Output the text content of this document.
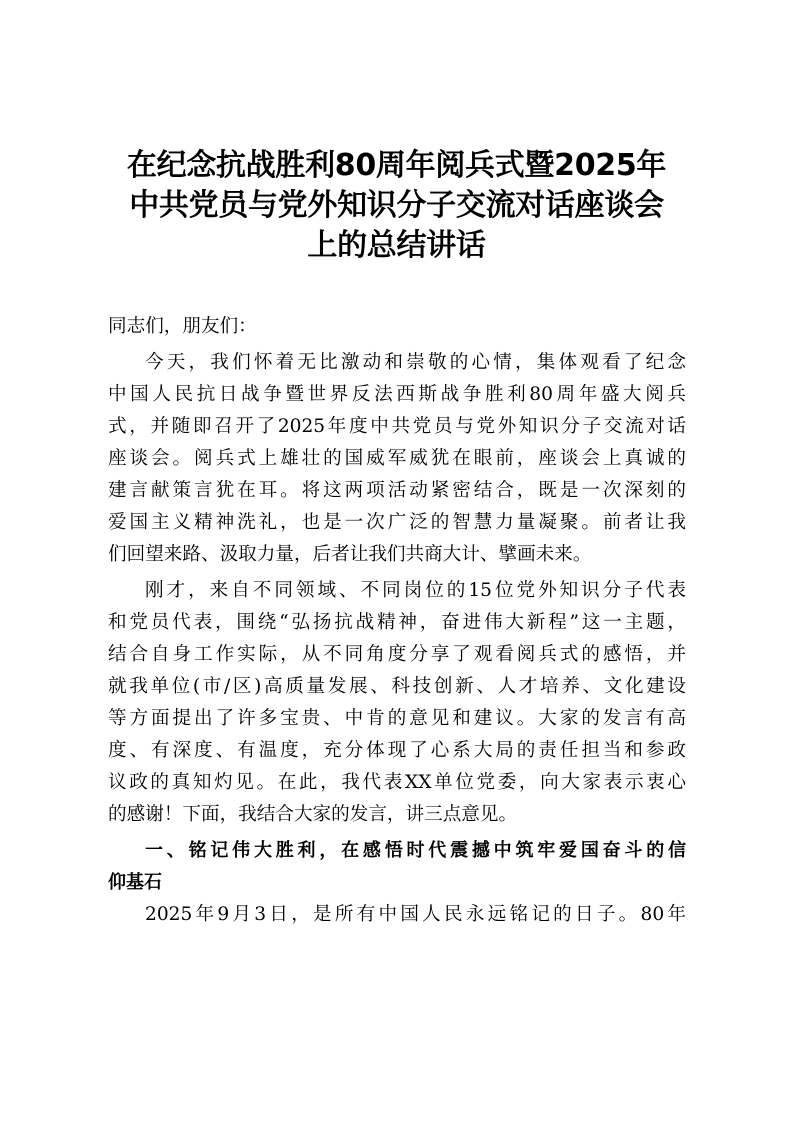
在纪念抗战胜利80周年阅兵式暨2025年
中共党员与党外知识分子交流对话座谈会
上的总结讲话

同志们，朋友们：

今天，我们怀着无比激动和崇敬的心情，集体观看了纪念
中国人民抗日战争暨世界反法西斯战争胜利80周年盛大阅兵
式，并随即召开了2025年度中共党员与党外知识分子交流对话
座谈会。阅兵式上雄壮的国威军威犹在眼前，座谈会上真诚的
建言献策言犹在耳。将这两项活动紧密结合，既是一次深刻的
爱国主义精神洗礼，也是一次广泛的智慧力量凝聚。前者让我
们回望来路、汲取力量，后者让我们共商大计、擘画未来。

刚才，来自不同领域、不同岗位的15位党外知识分子代表
和党员代表，围绕“弘扬抗战精神，奋进伟大新程”这一主题，
结合自身工作实际，从不同角度分享了观看阅兵式的感悟，并
就我单位(市/区)高质量发展、科技创新、人才培养、文化建设
等方面提出了许多宝贵、中肯的意见和建议。大家的发言有高
度、有深度、有温度，充分体现了心系大局的责任担当和参政
议政的真知灼见。在此，我代表XX单位党委，向大家表示衷心
的感谢！下面，我结合大家的发言，讲三点意见。

一、铭记伟大胜利，在感悟时代震撼中筑牢爱国奋斗的信
仰基石

2025年9月3日，是所有中国人民永远铭记的日子。80年
